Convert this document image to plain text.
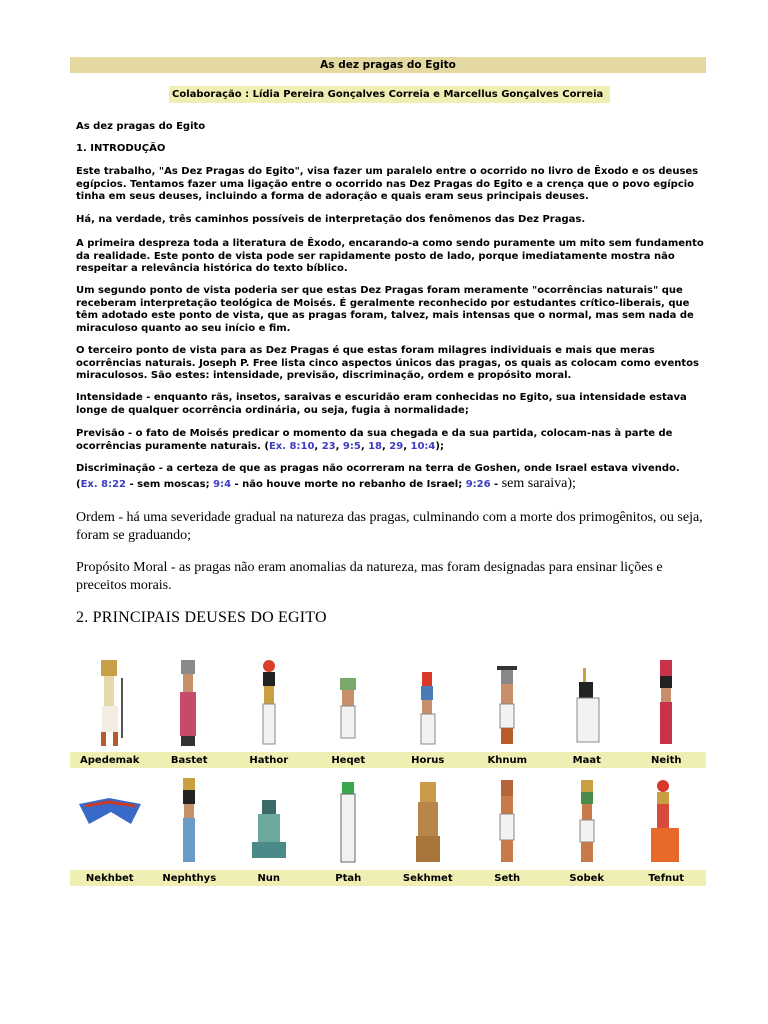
As dez pragas do Egito
Colaboração : Lídia Pereira Gonçalves Correia e Marcellus Gonçalves Correia

As dez pragas do Egito

1. INTRODUÇÃO

Este trabalho, "As Dez Pragas do Egito", visa fazer um paralelo entre o ocorrido no livro de Êxodo e os deuses egípcios. Tentamos fazer uma ligação entre o ocorrido nas Dez Pragas do Egito e a crença que o povo egípcio tinha em seus deuses, incluindo a forma de adoração e quais eram seus principais deuses.

Há, na verdade, três caminhos possíveis de interpretação dos fenômenos das Dez Pragas.

A primeira despreza toda a literatura de Êxodo, encarando-a como sendo puramente um mito sem fundamento da realidade. Este ponto de vista pode ser rapidamente posto de lado, porque imediatamente mostra não respeitar a relevância histórica do texto bíblico.

Um segundo ponto de vista poderia ser que estas Dez Pragas foram meramente "ocorrências naturais" que receberam interpretação teológica de Moisés. É geralmente reconhecido por estudantes crítico-liberais, que têm adotado este ponto de vista, que as pragas foram, talvez, mais intensas que o normal, mas sem nada de miraculoso quanto ao seu início e fim.

O terceiro ponto de vista para as Dez Pragas é que estas foram milagres individuais e mais que meras ocorrências naturais. Joseph P. Free lista cinco aspectos únicos das pragas, os quais as colocam como eventos miraculosos. São estes: intensidade, previsão, discriminação, ordem e propósito moral.

Intensidade - enquanto rãs, insetos, saraivas e escuridão eram conhecidas no Egito, sua intensidade estava longe de qualquer ocorrência ordinária, ou seja, fugia à normalidade;

Previsão - o fato de Moisés predicar o momento da sua chegada e da sua partida, colocam-nas à parte de ocorrências puramente naturais. (Ex. 8:10, 23, 9:5, 18, 29, 10:4);

Discriminação - a certeza de que as pragas não ocorreram na terra de Goshen, onde Israel estava vivendo.
(Ex. 8:22 - sem moscas; 9:4 - não houve morte no rebanho de Israel; 9:26 - sem saraiva);

Ordem - há uma severidade gradual na natureza das pragas, culminando com a morte dos primogênitos, ou seja, foram se graduando;

Propósito Moral - as pragas não eram anomalias da natureza, mas foram designadas para ensinar lições e preceitos morais.

2. PRINCIPAIS DEUSES DO EGITO

Apedemak	Bastet	Hathor	Heqet	Horus	Khnum	Maat	Neith
Nekhbet	Nephthys	Nun	Ptah	Sekhmet	Seth	Sobek	Tefnut
